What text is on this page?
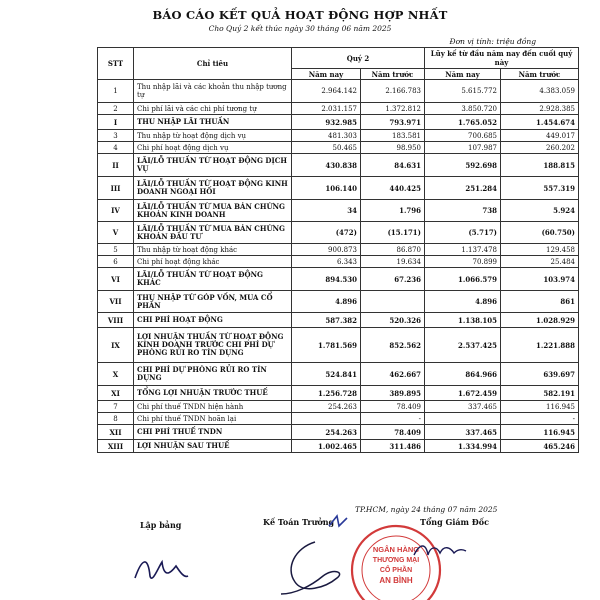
BÁO CÁO KẾT QUẢ HOẠT ĐỘNG HỢP NHẤT
Cho Quý 2 kết thúc ngày 30 tháng 06 năm 2025
Đơn vị tính: triệu đồng
STT	Chỉ tiêu	Quý 2		Lũy kế từ đầu năm nay đến cuối quý này	
		Năm nay	Năm trước	Năm nay	Năm trước
1	Thu nhập lãi và các khoản thu nhập tương tự	2.964.142	2.166.783	5.615.772	4.383.059
2	Chi phí lãi và các chi phí tương tự	2.031.157	1.372.812	3.850.720	2.928.385
I	THU NHẬP LÃI THUẦN	932.985	793.971	1.765.052	1.454.674
3	Thu nhập từ hoạt động dịch vụ	481.303	183.581	700.685	449.017
4	Chi phí hoạt động dịch vụ	50.465	98.950	107.987	260.202
II	LÃI/LỖ THUẦN TỪ HOẠT ĐỘNG DỊCH VỤ	430.838	84.631	592.698	188.815
III	LÃI/LỖ THUẦN TỪ HOẠT ĐỘNG KINH DOANH NGOẠI HỐI	106.140	440.425	251.284	557.319
IV	LÃI/LỖ THUẦN TỪ MUA BÁN CHỨNG KHOÁN KINH DOANH	34	1.796	738	5.924
V	LÃI/LỖ THUẦN TỪ MUA BÁN CHỨNG KHOÁN ĐẦU TƯ	(472)	(15.171)	(5.717)	(60.750)
5	Thu nhập từ hoạt động khác	900.873	86.870	1.137.478	129.458
6	Chi phí hoạt động khác	6.343	19.634	70.899	25.484
VI	LÃI/LỖ THUẦN TỪ HOẠT ĐỘNG KHÁC	894.530	67.236	1.066.579	103.974
VII	THU NHẬP TỪ GÓP VỐN, MUA CỔ PHẦN	4.896		4.896	861
VIII	CHI PHÍ HOẠT ĐỘNG	587.382	520.326	1.138.105	1.028.929
IX	LỢI NHUẬN THUẦN TỪ HOẠT ĐỘNG KINH DOANH TRƯỚC CHI PHÍ DỰ PHÒNG RỦI RO TÍN DỤNG	1.781.569	852.562	2.537.425	1.221.888
X	CHI PHÍ DỰ PHÒNG RỦI RO TÍN DỤNG	524.841	462.667	864.966	639.697
XI	TỔNG LỢI NHUẬN TRƯỚC THUẾ	1.256.728	389.895	1.672.459	582.191
7	Chi phí thuế TNDN hiện hành	254.263	78.409	337.465	116.945
8	Chi phí thuế TNDN hoãn lại		-		-
XII	CHI PHÍ THUẾ TNDN	254.263	78.409	337.465	116.945
XIII	LỢI NHUẬN SAU THUẾ	1.002.465	311.486	1.334.994	465.246
TP.HCM, ngày 24 tháng 07 năm 2025
Lập bảng	Kế Toán Trưởng	Tổng Giám Đốc
NGÂN HÀNG
THƯƠNG MẠI
CỔ PHẦN
AN BÌNH
